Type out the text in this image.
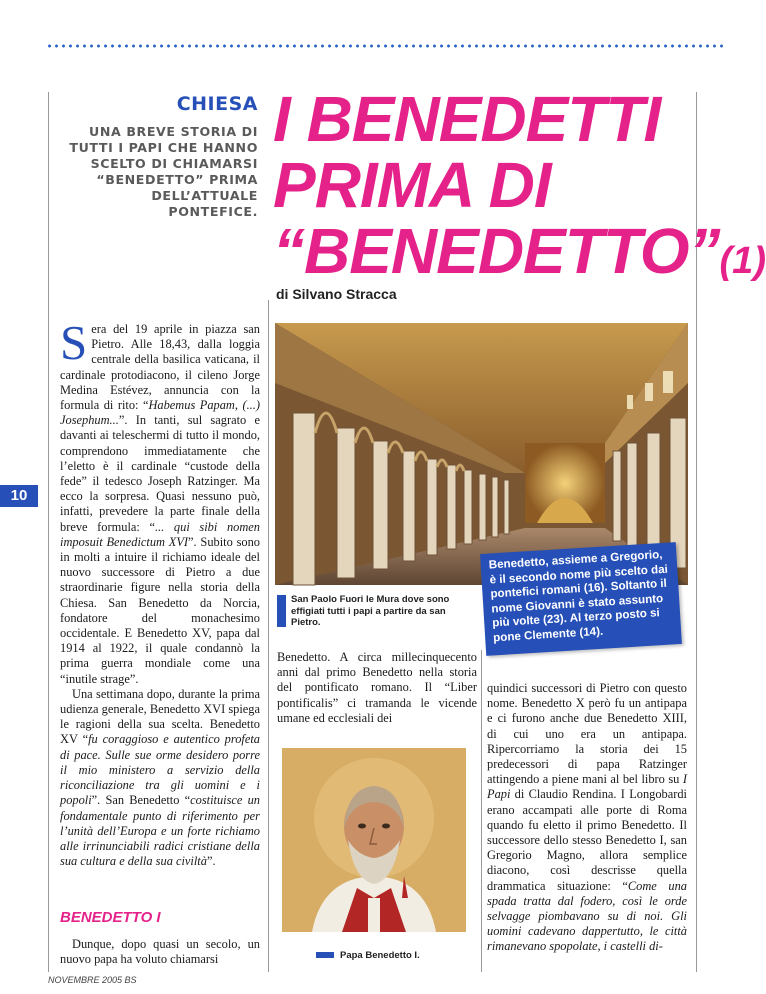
CHIESA
UNA BREVE STORIA DI TUTTI I PAPI CHE HANNO SCELTO DI CHIAMARSI “BENEDETTO” PRIMA DELL’ATTUALE PONTEFICE.
I BENEDETTI
PRIMA DI
“BENEDETTO”(1)
di Silvano Stracca

Sera del 19 aprile in piazza san Pietro. Alle 18,43, dalla loggia centrale della basilica vaticana, il cardinale protodiacono, il cileno Jorge Medina Estévez, annuncia con la formula di rito: “Habemus Papam, (...) Josephum...”. In tanti, sul sagrato e davanti ai teleschermi di tutto il mondo, comprendono immediatamente che l’eletto è il cardinale “custode della fede” il tedesco Joseph Ratzinger. Ma ecco la sorpresa. Quasi nessuno può, infatti, prevedere la parte finale della breve formula: “... qui sibi nomen imposuit Benedictum XVI”. Subito sono in molti a intuire il richiamo ideale del nuovo successore di Pietro a due straordinarie figure nella storia della Chiesa. San Benedetto da Norcia, fondatore del monachesimo occidentale. E Benedetto XV, papa dal 1914 al 1922, il quale condannò la prima guerra mondiale come una “inutile strage”.

Una settimana dopo, durante la prima udienza generale, Benedetto XVI spiega le ragioni della sua scelta. Benedetto XV “fu coraggioso e autentico profeta di pace. Sulle sue orme desidero porre il mio ministero a servizio della riconciliazione tra gli uomini e i popoli”. San Benedetto “costituisce un fondamentale punto di riferimento per l’unità dell’Europa e un forte richiamo alle irrinunciabili radici cristiane della sua cultura e della sua civiltà”.

BENEDETTO I
Dunque, dopo quasi un secolo, un nuovo papa ha voluto chiamarsi
10
NOVEMBRE 2005 BS
San Paolo Fuori le Mura dove sono effigiati tutti i papi a partire da san Pietro.
Benedetto, assieme a Gregorio, è il secondo nome più scelto dai pontefici romani (16). Soltanto il nome Giovanni è stato assunto più volte (23). Al terzo posto si pone Clemente (14).
Benedetto. A circa millecinquecento anni dal primo Benedetto nella storia del pontificato romano. Il “Liber pontificalis” ci tramanda le vicende umane ed ecclesiali dei
quindici successori di Pietro con questo nome. Benedetto X però fu un antipapa e ci furono anche due Benedetto XIII, di cui uno era un antipapa. Ripercorriamo la storia dei 15 predecessori di papa Ratzinger attingendo a piene mani al bel libro su I Papi di Claudio Rendina. I Longobardi erano accampati alle porte di Roma quando fu eletto il primo Benedetto. Il successore dello stesso Benedetto I, san Gregorio Magno, allora semplice diacono, così descrisse quella drammatica situazione: “Come una spada tratta dal fodero, così le orde selvagge piombavano su di noi. Gli uomini cadevano dappertutto, le città rimanevano spopolate, i castelli di-
Papa Benedetto I.
